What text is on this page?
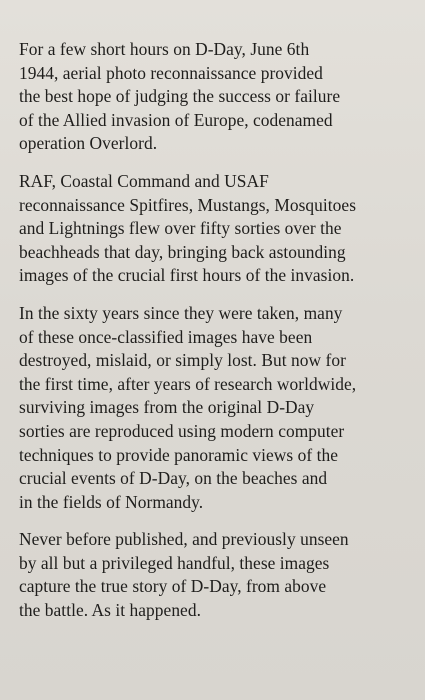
For a few short hours on D-Day, June 6th
1944, aerial photo reconnaissance provided
the best hope of judging the success or failure
of the Allied invasion of Europe, codenamed
operation Overlord.

RAF, Coastal Command and USAF
reconnaissance Spitfires, Mustangs, Mosquitoes
and Lightnings flew over fifty sorties over the
beachheads that day, bringing back astounding
images of the crucial first hours of the invasion.

In the sixty years since they were taken, many
of these once-classified images have been
destroyed, mislaid, or simply lost. But now for
the first time, after years of research worldwide,
surviving images from the original D-Day
sorties are reproduced using modern computer
techniques to provide panoramic views of the
crucial events of D-Day, on the beaches and
in the fields of Normandy.

Never before published, and previously unseen
by all but a privileged handful, these images
capture the true story of D-Day, from above
the battle. As it happened.
